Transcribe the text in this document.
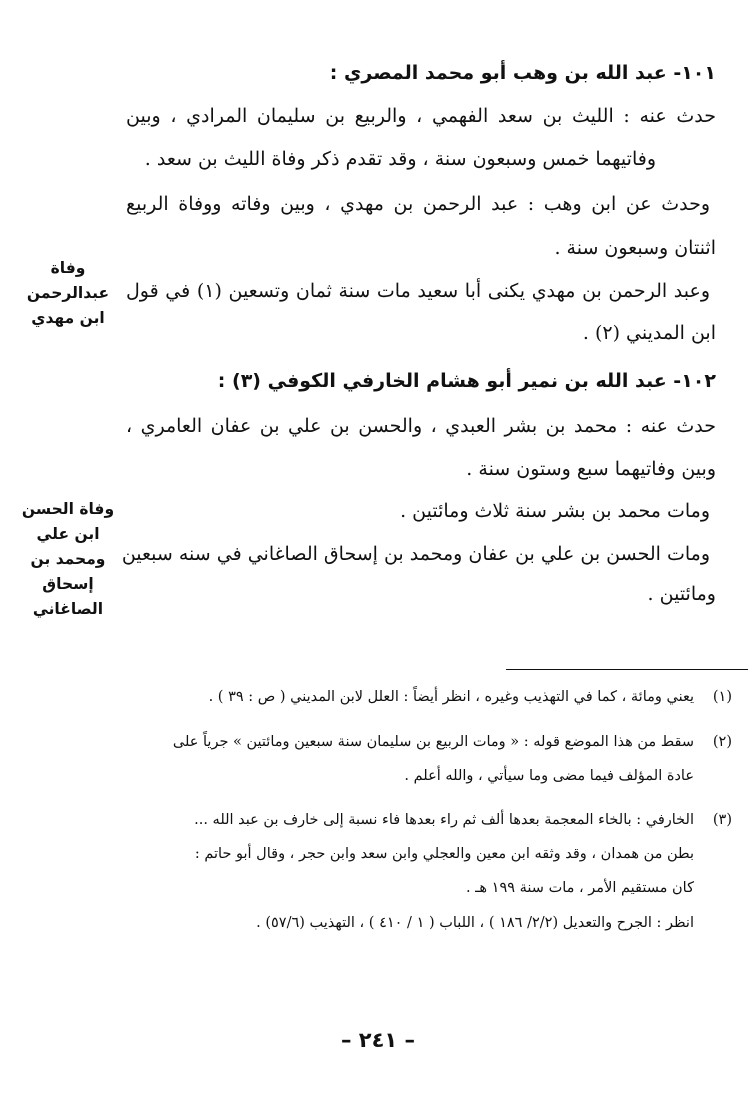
١٠١- عبد الله بن وهب أبو محمد المصري :
حدث عنه : الليث بن سعد الفهمي ، والربيع بن سليمان المرادي ، وبين
وفاتيهما خمس وسبعون سنة ، وقد تقدم ذكر وفاة الليث بن سعد .
وحدث عن ابن وهب : عبد الرحمن بن مهدي ، وبين وفاته ووفاة الربيع
اثنتان وسبعون سنة .
وعبد الرحمن بن مهدي يكنى أبا سعيد مات سنة ثمان وتسعين (١) في قول
ابن المديني (٢) .
وفاة
عبدالرحمن
ابن مهدي
١٠٢- عبد الله بن نمير أبو هشام الخارفي الكوفي (٣) :
حدث عنه : محمد بن بشر العبدي ، والحسن بن علي بن عفان العامري ،
وبين وفاتيهما سبع وستون سنة .
ومات محمد بن بشر سنة ثلاث ومائتين .
ومات الحسن بن علي بن عفان ومحمد بن إسحاق الصاغاني في سنه سبعين
ومائتين .
وفاة الحسن
ابن علي
ومحمد بن
إسحاق
الصاغاني
(١)
يعني ومائة ، كما في التهذيب وغيره ، انظر أيضاً : العلل لابن المديني ( ص : ٣٩ ) .
(٢)
سقط من هذا الموضع قوله : « ومات الربيع بن سليمان سنة سبعين ومائتين » جرياً على
عادة المؤلف فيما مضى وما سيأتي ، والله أعلم .
(٣)
الخارفي : بالخاء المعجمة بعدها ألف ثم راء بعدها فاء نسبة إلى خارف بن عبد الله ...
بطن من همدان ، وقد وثقه ابن معين والعجلي وابن سعد وابن حجر ، وقال أبو حاتم :
كان مستقيم الأمر ، مات سنة ١٩٩ هـ .
انظر : الجرح والتعديل (٢/٢/ ١٨٦ ) ، اللباب ( ١ / ٤١٠ ) ، التهذيب (٥٧/٦) .
– ٢٤١ –
